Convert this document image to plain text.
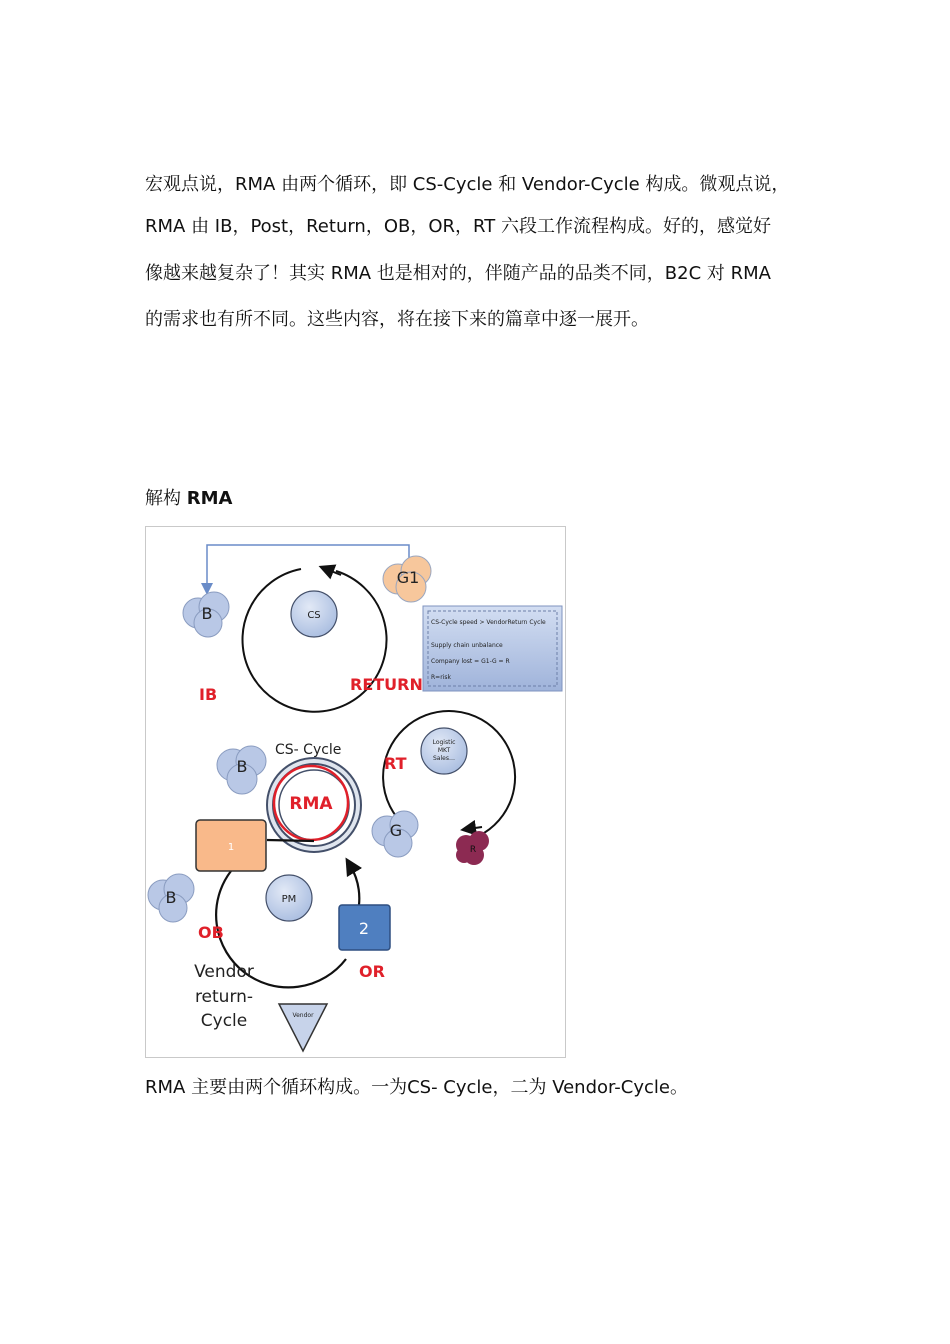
宏观点说，RMA 由两个循环，即 CS-Cycle 和 Vendor-Cycle 构成。微观点说，
RMA 由 IB，Post，Return，OB，OR，RT 六段工作流程构成。好的，感觉好
像越来越复杂了！其实 RMA 也是相对的，伴随产品的品类不同，B2C 对 RMA
的需求也有所不同。这些内容，将在接下来的篇章中逐一展开。
解构 RMA
G1
B	CS
IB
RETURN
CS-Cycle speed > VendorReturn Cycle
Supply chain unbalance
Company lost = G1-G = R
R=risk
CS- Cycle
B	RT
Logistic
MKT
Sales…
RMA
G
R
1
B	PM
2
OB
OR
Vendor
return-
Cycle	Vendor
RMA 主要由两个循环构成。一为CS- Cycle，二为 Vendor-Cycle。
